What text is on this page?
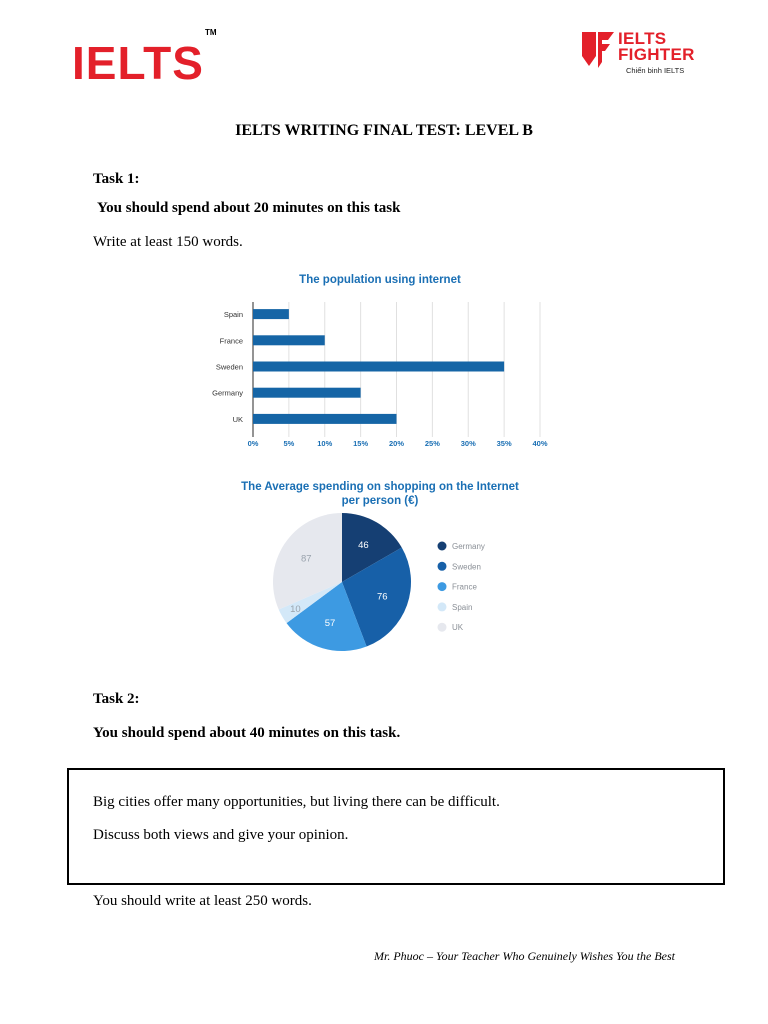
IELTS™	IELTS
FIGHTER
Chiến binh IELTS
IELTS WRITING FINAL TEST: LEVEL B
Task 1:
You should spend about 20 minutes on this task
Write at least 150 words.
The population using internet
0%	5%	10%	15%	20%	25%	30%	35%	40%
Spain
France
Sweden
Germany
UK
The Average spending on shopping on the Internet
per person (€)
46
76
57
10
87
Germany
Sweden
France
Spain
UK
Task 2:
You should spend about 40 minutes on this task.
Big cities offer many opportunities, but living there can be difficult.
Discuss both views and give your opinion.
You should write at least 250 words.
Mr. Phuoc – Your Teacher Who Genuinely Wishes You the Best
